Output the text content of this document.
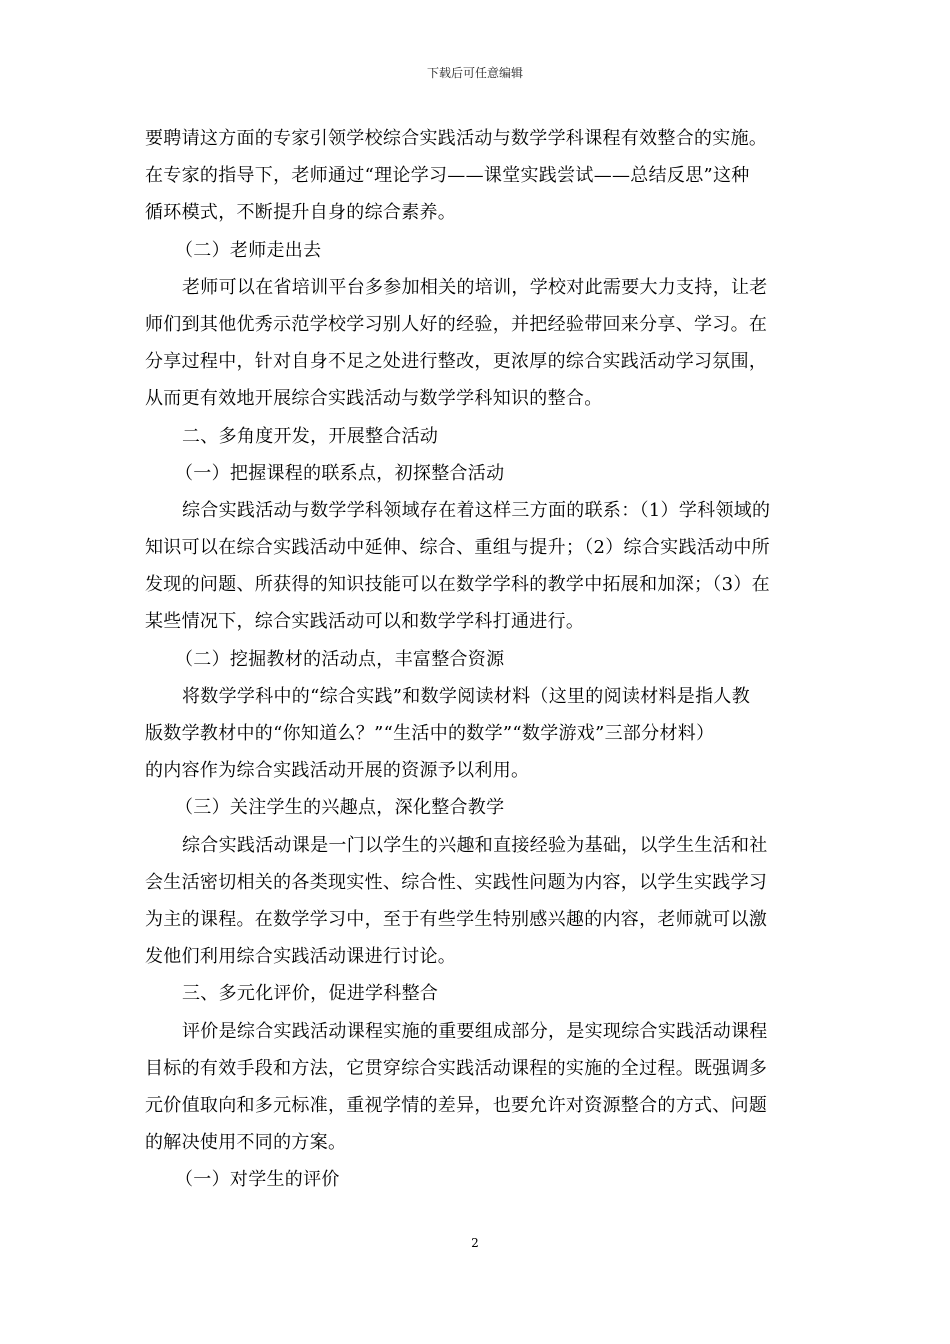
下载后可任意编辑
要聘请这方面的专家引领学校综合实践活动与数学学科课程有效整合的实施。
在专家的指导下，老师通过“理论学习——课堂实践尝试——总结反思”这种
循环模式，不断提升自身的综合素养。
（二）老师走出去
老师可以在省培训平台多参加相关的培训，学校对此需要大力支持，让老
师们到其他优秀示范学校学习别人好的经验，并把经验带回来分享、学习。在
分享过程中，针对自身不足之处进行整改，更浓厚的综合实践活动学习氛围，
从而更有效地开展综合实践活动与数学学科知识的整合。
二、多角度开发，开展整合活动
（一）把握课程的联系点，初探整合活动
综合实践活动与数学学科领域存在着这样三方面的联系：（1）学科领域的
知识可以在综合实践活动中延伸、综合、重组与提升；（2）综合实践活动中所
发现的问题、所获得的知识技能可以在数学学科的教学中拓展和加深；（3）在
某些情况下，综合实践活动可以和数学学科打通进行。
（二）挖掘教材的活动点，丰富整合资源
将数学学科中的“综合实践”和数学阅读材料（这里的阅读材料是指人教
版数学教材中的“你知道么？”“生活中的数学”“数学游戏”三部分材料）
的内容作为综合实践活动开展的资源予以利用。
（三）关注学生的兴趣点，深化整合教学
综合实践活动课是一门以学生的兴趣和直接经验为基础，以学生生活和社
会生活密切相关的各类现实性、综合性、实践性问题为内容，以学生实践学习
为主的课程。在数学学习中，至于有些学生特别感兴趣的内容，老师就可以激
发他们利用综合实践活动课进行讨论。
三、多元化评价，促进学科整合
评价是综合实践活动课程实施的重要组成部分，是实现综合实践活动课程
目标的有效手段和方法，它贯穿综合实践活动课程的实施的全过程。既强调多
元价值取向和多元标准，重视学情的差异，也要允许对资源整合的方式、问题
的解决使用不同的方案。
（一）对学生的评价
2
